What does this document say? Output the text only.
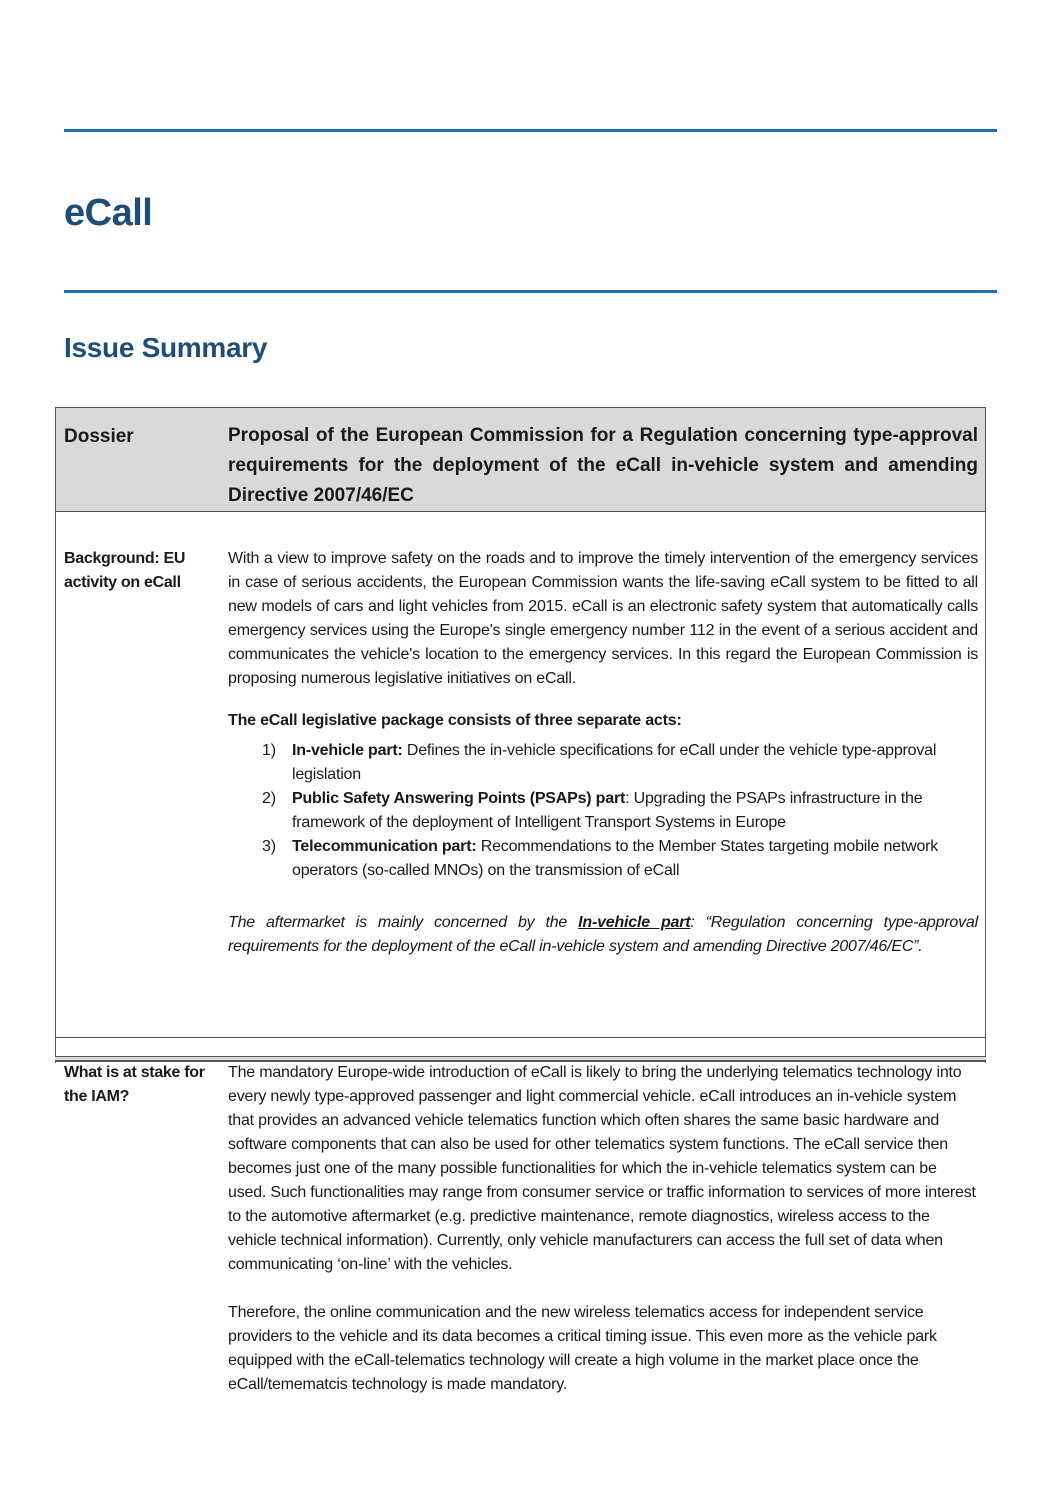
eCall
Issue Summary
Dossier	Proposal of the European Commission for a Regulation concerning type-approval requirements for the deployment of the eCall in-vehicle system and amending Directive 2007/46/EC
Background: EU activity on eCall

With a view to improve safety on the roads and to improve the timely intervention of the emergency services in case of serious accidents, the European Commission wants the life-saving eCall system to be fitted to all new models of cars and light vehicles from 2015. eCall is an electronic safety system that automatically calls emergency services using the Europe's single emergency number 112 in the event of a serious accident and communicates the vehicle's location to the emergency services. In this regard the European Commission is proposing numerous legislative initiatives on eCall.

The eCall legislative package consists of three separate acts:

1) In-vehicle part: Defines the in-vehicle specifications for eCall under the vehicle type-approval legislation
2) Public Safety Answering Points (PSAPs) part: Upgrading the PSAPs infrastructure in the framework of the deployment of Intelligent Transport Systems in Europe
3) Telecommunication part: Recommendations to the Member States targeting mobile network operators (so-called MNOs) on the transmission of eCall

The aftermarket is mainly concerned by the In-vehicle part: “Regulation concerning type-approval requirements for the deployment of the eCall in-vehicle system and amending Directive 2007/46/EC”.

What is at stake for the IAM?

The mandatory Europe-wide introduction of eCall is likely to bring the underlying telematics technology into every newly type-approved passenger and light commercial vehicle. eCall introduces an in-vehicle system that provides an advanced vehicle telematics function which often shares the same basic hardware and software components that can also be used for other telematics system functions. The eCall service then becomes just one of the many possible functionalities for which the in-vehicle telematics system can be used. Such functionalities may range from consumer service or traffic information to services of more interest to the automotive aftermarket (e.g. predictive maintenance, remote diagnostics, wireless access to the vehicle technical information). Currently, only vehicle manufacturers can access the full set of data when communicating ‘on-line’ with the vehicles.

Therefore, the online communication and the new wireless telematics access for independent service providers to the vehicle and its data becomes a critical timing issue. This even more as the vehicle park equipped with the eCall-telematics technology will create a high volume in the market place once the eCall/temematcis technology is made mandatory.
